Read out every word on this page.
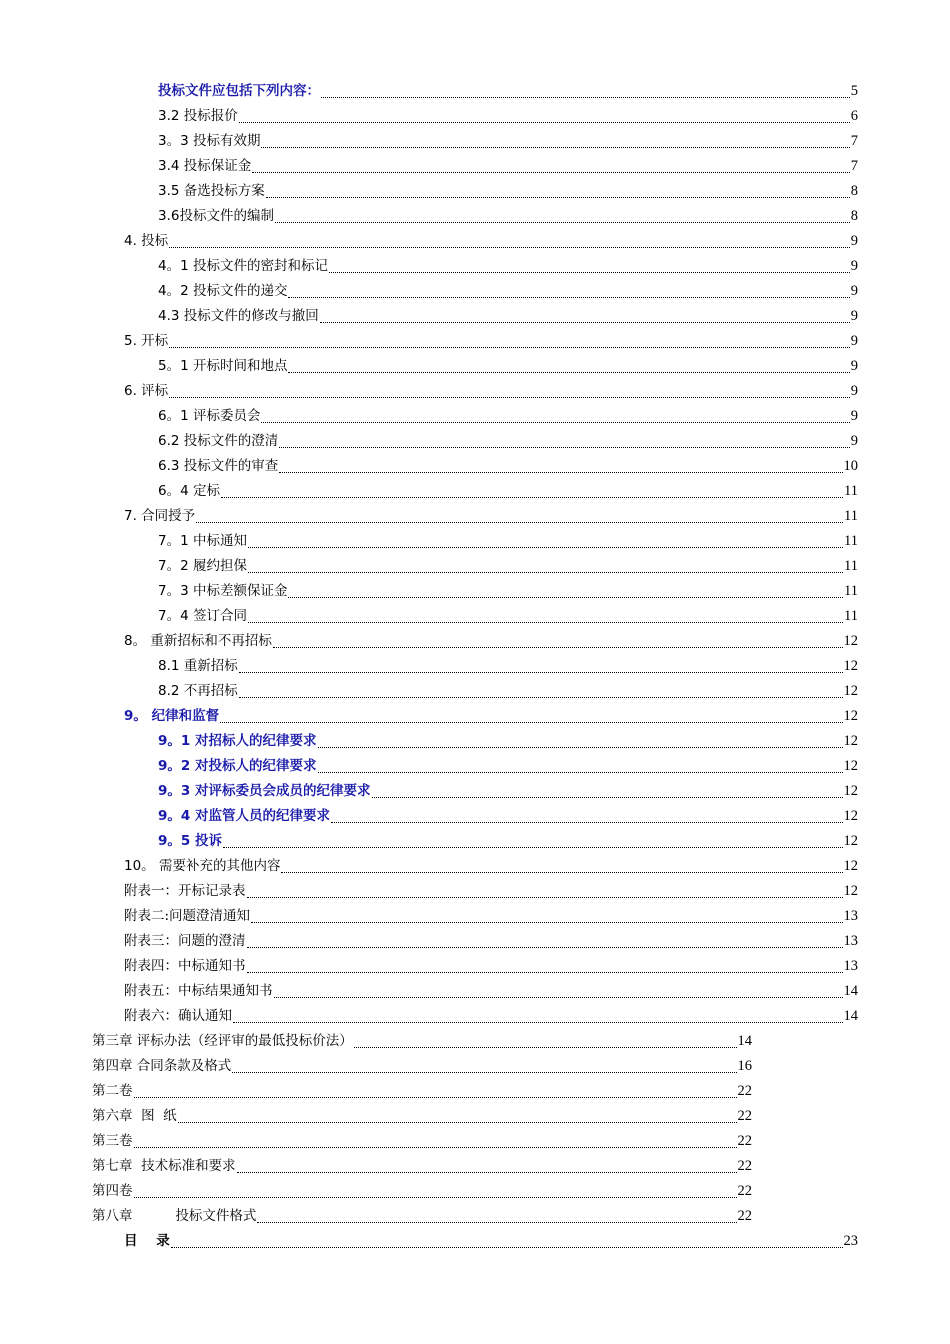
投标文件应包括下列内容：	5
3.2 投标报价	6
3。3 投标有效期	7
3.4 投标保证金	7
3.5 备选投标方案	8
3.6投标文件的编制	8
4. 投标	9
4。1 投标文件的密封和标记	9
4。2 投标文件的递交	9
4.3 投标文件的修改与撤回	9
5. 开标	9
5。1 开标时间和地点	9
6. 评标	9
6。1 评标委员会	9
6.2 投标文件的澄清	9
6.3 投标文件的审查	10
6。4 定标	11
7. 合同授予	11
7。1 中标通知	11
7。2 履约担保	11
7。3 中标差额保证金	11
7。4 签订合同	11
8。 重新招标和不再招标	12
8.1 重新招标	12
8.2 不再招标	12
9。 纪律和监督	12
9。1 对招标人的纪律要求	12
9。2 对投标人的纪律要求	12
9。3 对评标委员会成员的纪律要求	12
9。4 对监管人员的纪律要求	12
9。5 投诉	12
10。 需要补充的其他内容	12
附表一：开标记录表	12
附表二:问题澄清通知	13
附表三：问题的澄清	13
附表四：中标通知书	13
附表五：中标结果通知书	14
附表六：确认通知	14
第三章 评标办法（经评审的最低投标价法）	14
第四章 合同条款及格式	16
第二卷	22
第六章  图  纸	22
第三卷	22
第七章  技术标准和要求	22
第四卷	22
第八章          投标文件格式	22
目    录	23
